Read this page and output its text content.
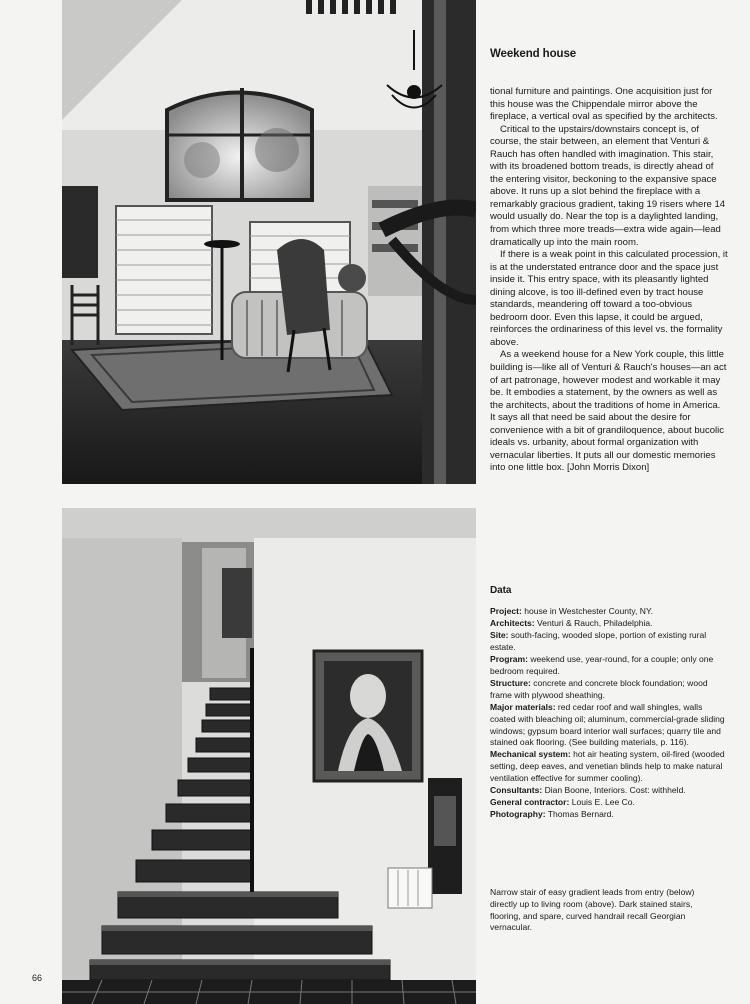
Weekend house

tional furniture and paintings. One acquisition just for this house was the Chippendale mirror above the fireplace, a vertical oval as specified by the architects.

Critical to the upstairs/downstairs concept is, of course, the stair between, an element that Venturi & Rauch has often handled with imagination. This stair, with its broadened bottom treads, is directly ahead of the entering visitor, beckoning to the expansive space above. It runs up a slot behind the fireplace with a remarkably gracious gradient, taking 19 risers where 14 would usually do. Near the top is a daylighted landing, from which three more treads—extra wide again—lead dramatically up into the main room.

If there is a weak point in this calculated procession, it is at the understated entrance door and the space just inside it. This entry space, with its pleasantly lighted dining alcove, is too ill-defined even by tract house standards, meandering off toward a too-obvious bedroom door. Even this lapse, it could be argued, reinforces the ordinariness of this level vs. the formality above.

As a weekend house for a New York couple, this little building is—like all of Venturi & Rauch's houses—an act of art patronage, however modest and workable it may be. It embodies a statement, by the owners as well as the architects, about the traditions of home in America. It says all that need be said about the desire for convenience with a bit of grandiloquence, about bucolic ideals vs. urbanity, about formal organization with vernacular liberties. It puts all our domestic memories into one little box. [John Morris Dixon]

Data
Project: house in Westchester County, NY.
Architects: Venturi & Rauch, Philadelphia.
Site: south-facing, wooded slope, portion of existing rural estate.
Program: weekend use, year-round, for a couple; only one bedroom required.
Structure: concrete and concrete block foundation; wood frame with plywood sheathing.
Major materials: red cedar roof and wall shingles, walls coated with bleaching oil; aluminum, commercial-grade sliding windows; gypsum board interior wall surfaces; quarry tile and stained oak flooring. (See building materials, p. 116).
Mechanical system: hot air heating system, oil-fired (wooded setting, deep eaves, and venetian blinds help to make natural ventilation effective for summer cooling).
Consultants: Dian Boone, Interiors. Cost: withheld.
General contractor: Louis E. Lee Co.
Photography: Thomas Bernard.
Narrow stair of easy gradient leads from entry (below) directly up to living room (above). Dark stained stairs, flooring, and spare, curved handrail recall Georgian vernacular.
66
